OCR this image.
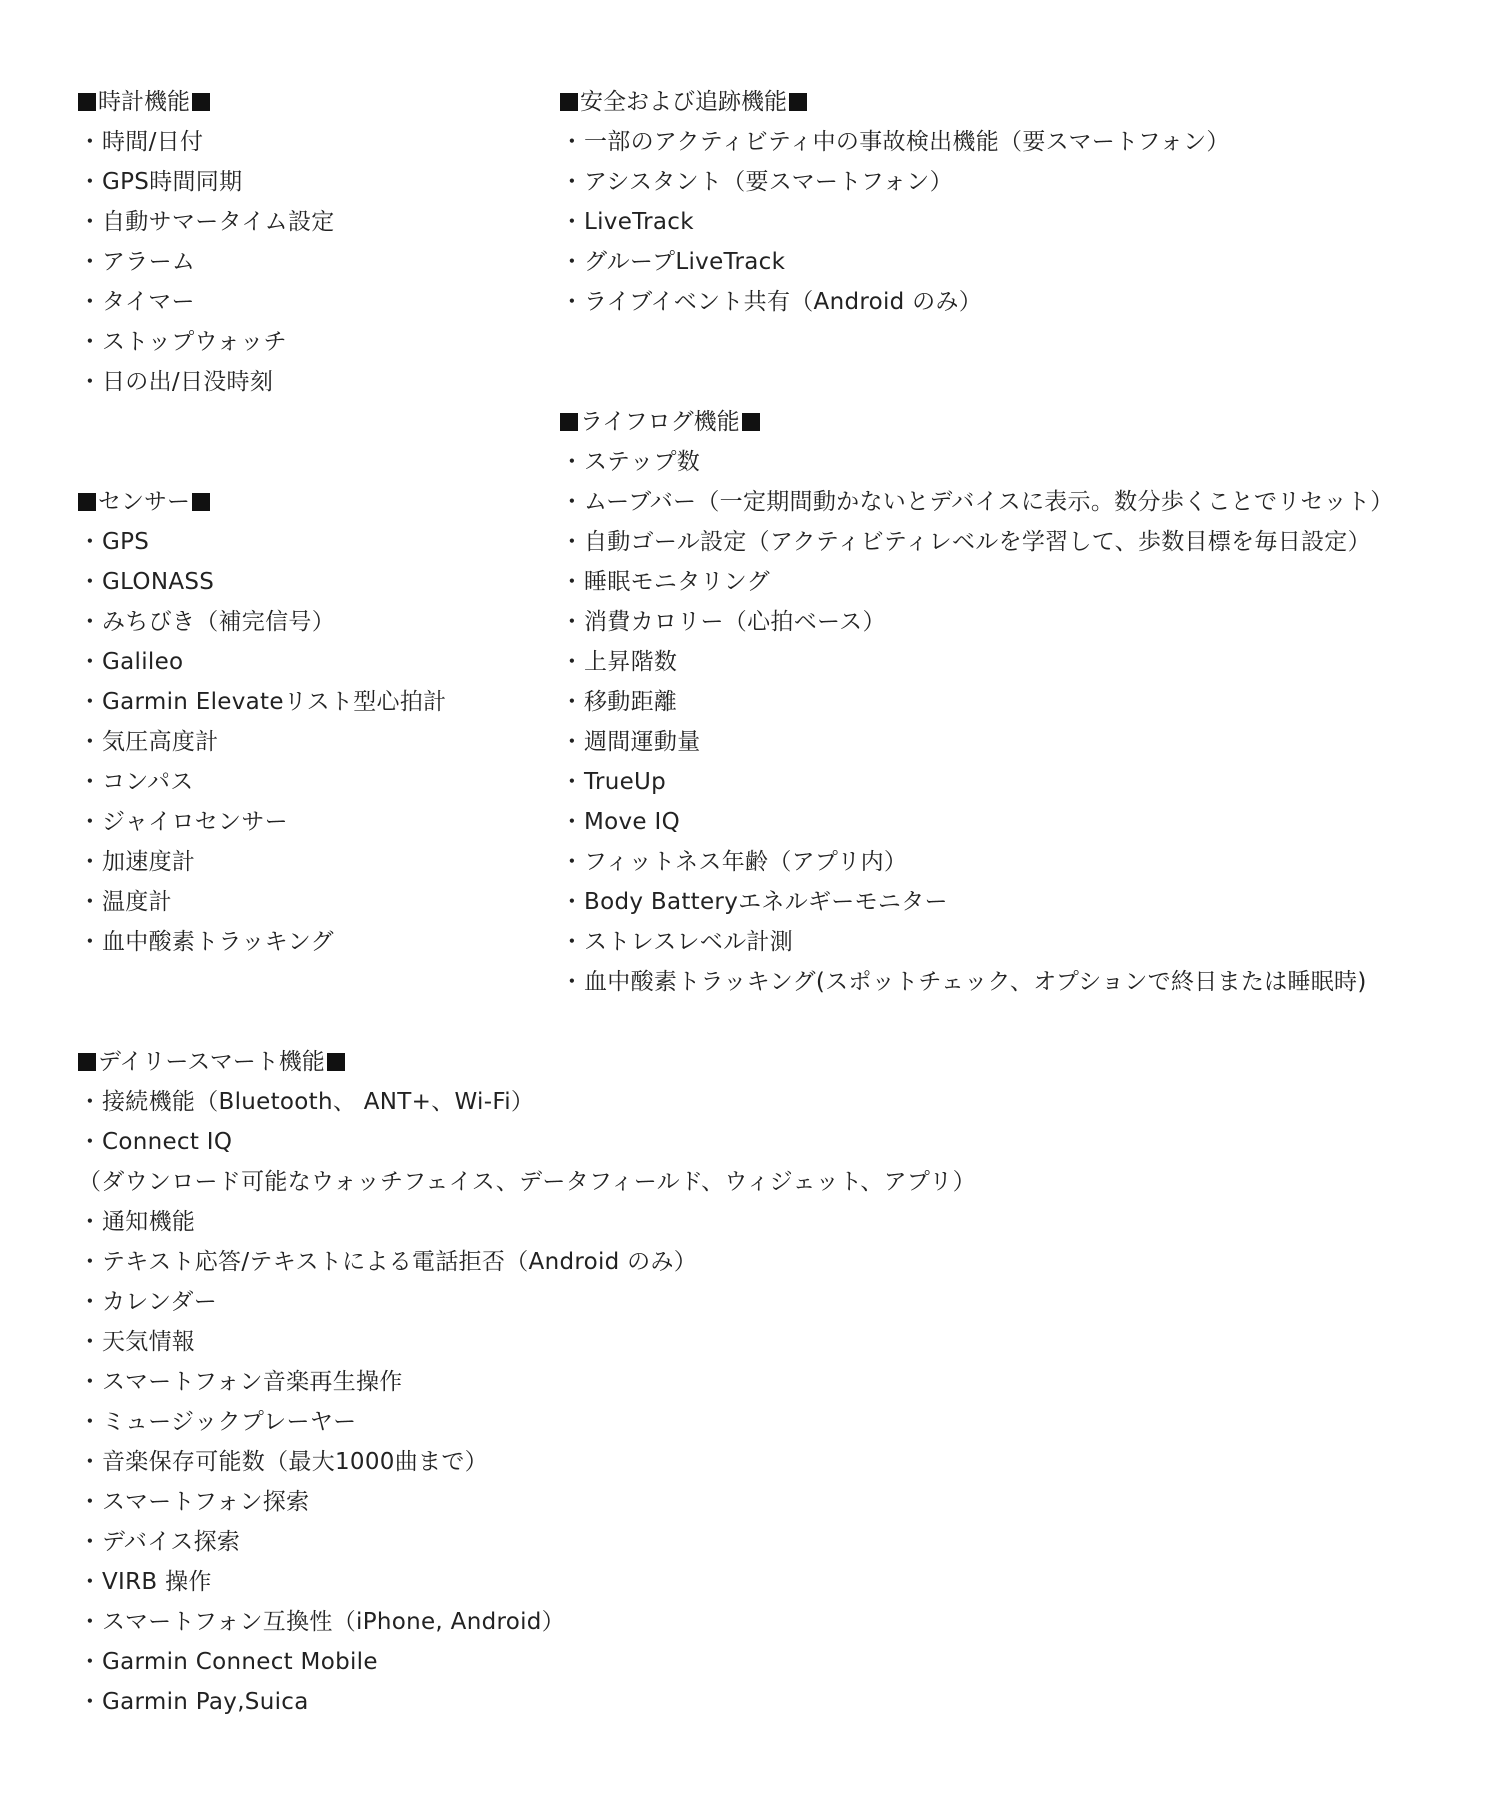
時計機能
・時間/日付
・GPS時間同期
・自動サマータイム設定
・アラーム
・タイマー
・ストップウォッチ
・日の出/日没時刻
安全および追跡機能
・一部のアクティビティ中の事故検出機能（要スマートフォン）
・アシスタント（要スマートフォン）
・LiveTrack
・グループLiveTrack
・ライブイベント共有（Android のみ）
ライフログ機能
・ステップ数
・ムーブバー（一定期間動かないとデバイスに表示。数分歩くことでリセット）
・自動ゴール設定（アクティビティレベルを学習して、歩数目標を毎日設定）
・睡眠モニタリング
・消費カロリー（心拍ベース）
・上昇階数
・移動距離
・週間運動量
・TrueUp
・Move IQ
・フィットネス年齢（アプリ内）
・Body Batteryエネルギーモニター
・ストレスレベル計測
・血中酸素トラッキング(スポットチェック、オプションで終日または睡眠時)
センサー
・GPS
・GLONASS
・みちびき（補完信号）
・Galileo
・Garmin Elevateリスト型心拍計
・気圧高度計
・コンパス
・ジャイロセンサー
・加速度計
・温度計
・血中酸素トラッキング
デイリースマート機能
・接続機能（Bluetooth、 ANT+、Wi-Fi）
・Connect IQ
（ダウンロード可能なウォッチフェイス、データフィールド、ウィジェット、アプリ）
・通知機能
・テキスト応答/テキストによる電話拒否（Android のみ）
・カレンダー
・天気情報
・スマートフォン音楽再生操作
・ミュージックプレーヤー
・音楽保存可能数（最大1000曲まで）
・スマートフォン探索
・デバイス探索
・VIRB 操作
・スマートフォン互換性（iPhone, Android）
・Garmin Connect Mobile
・Garmin Pay,Suica
